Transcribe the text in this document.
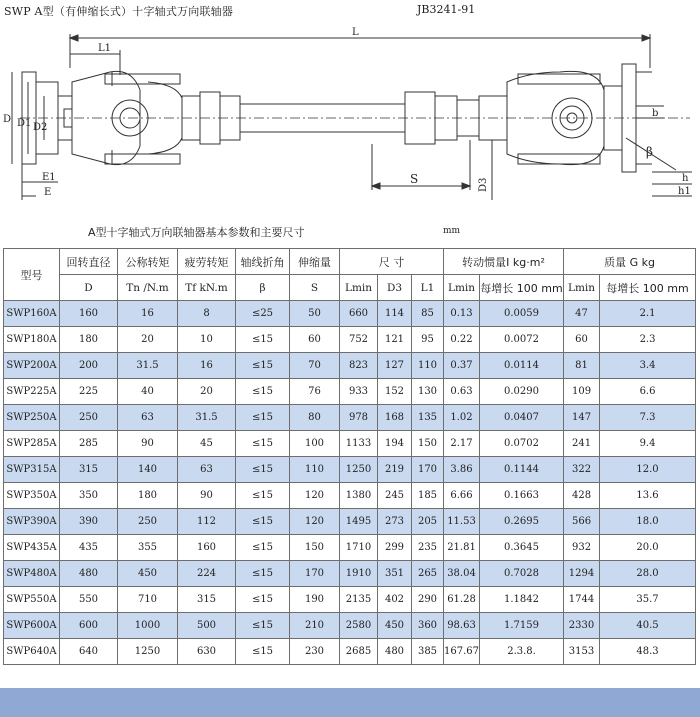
SWP A型（有伸缩长式）十字轴式万向联轴器	JB3241-91
L
L1
D D1 D2
E1
E
S	D3
b
β
h
h1
A型十字轴式万向联轴器基本参数和主要尺寸	mm
型号	回转直径	公称转矩	疲劳转矩	轴线折角	伸缩量	尺 寸			转动惯量I kg·m²		质量 G kg	
	D	Tn /N.m	Tf kN.m	β	S	Lmin	D3	L1	Lmin	每增长 100 mm	Lmin	每增长 100 mm
SWP160A	160	16	8	≤25	50	660	114	85	0.13	0.0059	47	2.1
SWP180A	180	20	10	≤15	60	752	121	95	0.22	0.0072	60	2.3
SWP200A	200	31.5	16	≤15	70	823	127	110	0.37	0.0114	81	3.4
SWP225A	225	40	20	≤15	76	933	152	130	0.63	0.0290	109	6.6
SWP250A	250	63	31.5	≤15	80	978	168	135	1.02	0.0407	147	7.3
SWP285A	285	90	45	≤15	100	1133	194	150	2.17	0.0702	241	9.4
SWP315A	315	140	63	≤15	110	1250	219	170	3.86	0.1144	322	12.0
SWP350A	350	180	90	≤15	120	1380	245	185	6.66	0.1663	428	13.6
SWP390A	390	250	112	≤15	120	1495	273	205	11.53	0.2695	566	18.0
SWP435A	435	355	160	≤15	150	1710	299	235	21.81	0.3645	932	20.0
SWP480A	480	450	224	≤15	170	1910	351	265	38.04	0.7028	1294	28.0
SWP550A	550	710	315	≤15	190	2135	402	290	61.28	1.1842	1744	35.7
SWP600A	600	1000	500	≤15	210	2580	450	360	98.63	1.7159	2330	40.5
SWP640A	640	1250	630	≤15	230	2685	480	385	167.67	2.3.8.	3153	48.3
